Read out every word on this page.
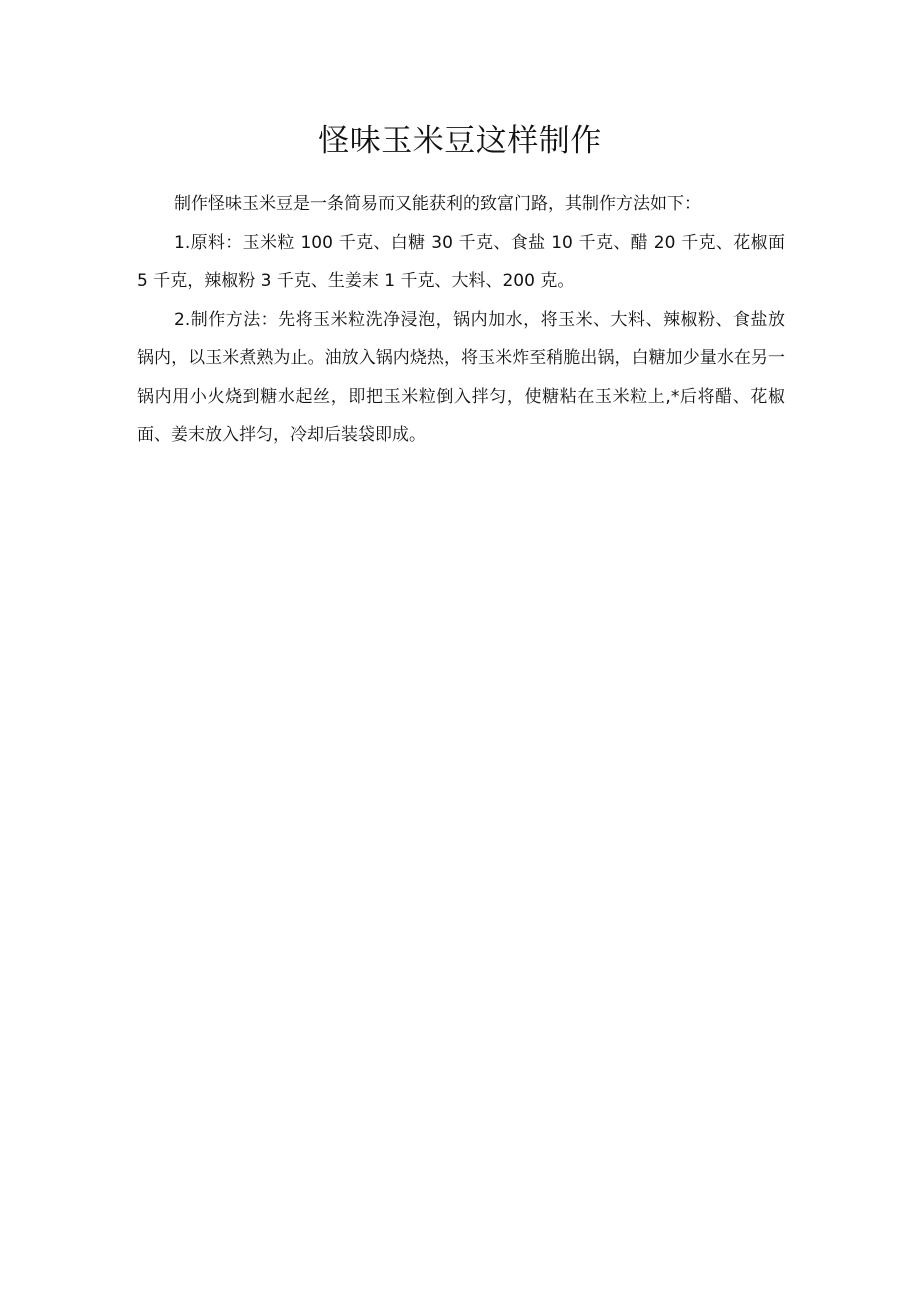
怪味玉米豆这样制作

制作怪味玉米豆是一条简易而又能获利的致富门路，其制作方法如下：

1.原料：玉米粒 100 千克、白糖 30 千克、食盐 10 千克、醋 20 千克、花椒面 5 千克，辣椒粉 3 千克、生姜末 1 千克、大料、200 克。

2.制作方法：先将玉米粒洗净浸泡，锅内加水，将玉米、大料、辣椒粉、食盐放锅内，以玉米煮熟为止。油放入锅内烧热，将玉米炸至稍脆出锅，白糖加少量水在另一锅内用小火烧到糖水起丝，即把玉米粒倒入拌匀，使糖粘在玉米粒上,*后将醋、花椒面、姜末放入拌匀，冷却后装袋即成。
